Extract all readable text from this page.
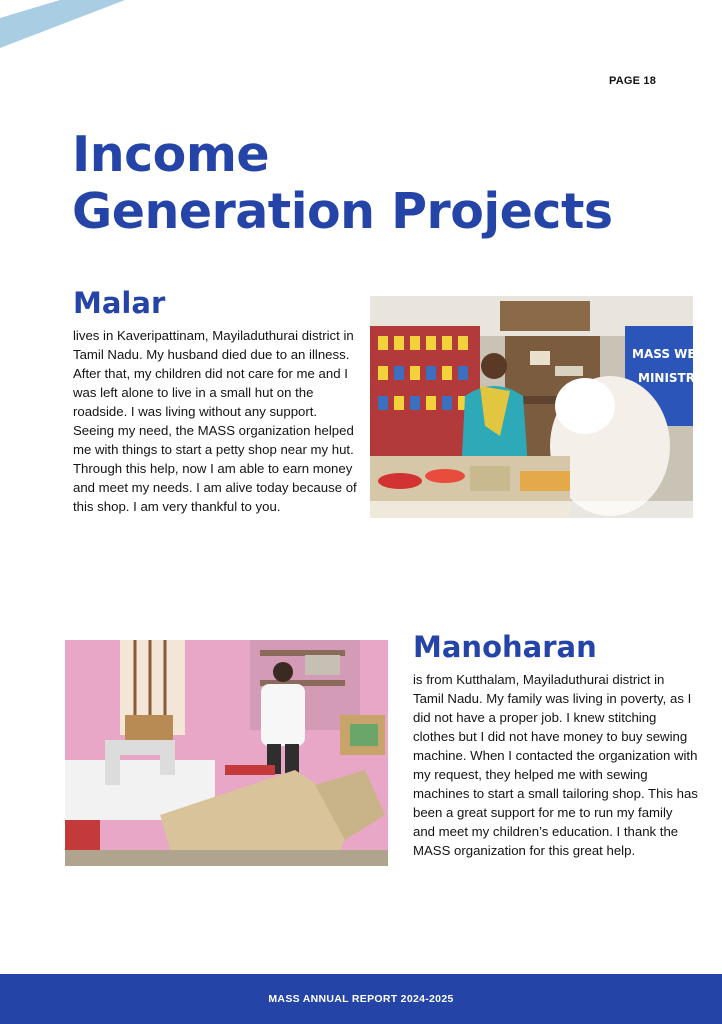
PAGE 18
Income
Generation Projects
Malar

lives in Kaveripattinam, Mayiladuthurai district in Tamil Nadu. My husband died due to an illness. After that, my children did not care for me and I was left alone to live in a small hut on the roadside. I was living without any support. Seeing my need, the MASS organization helped me with things to start a petty shop near my hut. Through this help, now I am able to earn money and meet my needs. I am alive today because of this shop. I am very thankful to you.

MASS WEL
MINISTRI
Manoharan

is from Kutthalam, Mayiladuthurai district in Tamil Nadu. My family was living in poverty, as I did not have a proper job. I knew stitching clothes but I did not have money to buy sewing machine. When I contacted the organization with my request, they helped me with sewing machines to start a small tailoring shop. This has been a great support for me to run my family and meet my children’s education. I thank the MASS organization for this great help.

MASS ANNUAL REPORT 2024-2025
